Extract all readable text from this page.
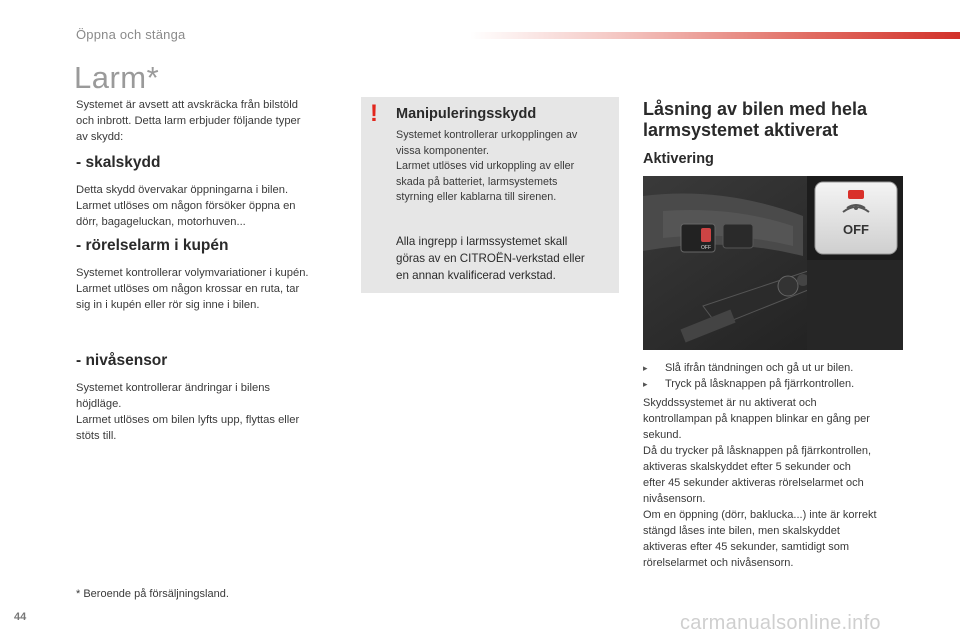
Öppna och stänga
Larm*

Systemet är avsett att avskräcka från bilstöld

och inbrott. Detta larm erbjuder följande typer

av skydd:

- skalskydd

Detta skydd övervakar öppningarna i bilen.

Larmet utlöses om någon försöker öppna en

dörr, bagageluckan, motorhuven...

- rörelselarm i kupén

Systemet kontrollerar volymvariationer i kupén.

Larmet utlöses om någon krossar en ruta, tar

sig in i kupén eller rör sig inne i bilen.

- nivåsensor

Systemet kontrollerar ändringar i bilens

höjdläge.

Larmet utlöses om bilen lyfts upp, flyttas eller

stöts till.

! Manipuleringsskydd
Systemet kontrollerar urkopplingen av
vissa komponenter.
Larmet utlöses vid urkoppling av eller
skada på batteriet, larmsystemets
styrning eller kablarna till sirenen.
Alla ingrepp i larmssystemet skall
göras av en CITROËN-verkstad eller
en annan kvalificerad verkstad.
Låsning av bilen med hela
larmsystemet aktiverat
Aktivering
OFF
OFF
▸ Slå ifrån tändningen och gå ut ur bilen.
▸ Tryck på låsknappen på fjärrkontrollen.
Skyddssystemet är nu aktiverat och
kontrollampan på knappen blinkar en gång per
sekund.
Då du trycker på låsknappen på fjärrkontrollen,
aktiveras skalskyddet efter 5 sekunder och
efter 45 sekunder aktiveras rörelselarmet och
nivåsensorn.
Om en öppning (dörr, baklucka...) inte är korrekt
stängd låses inte bilen, men skalskyddet
aktiveras efter 45 sekunder, samtidigt som
rörelselarmet och nivåsensorn.
* Beroende på försäljningsland.
44	carmanualsonline.info
